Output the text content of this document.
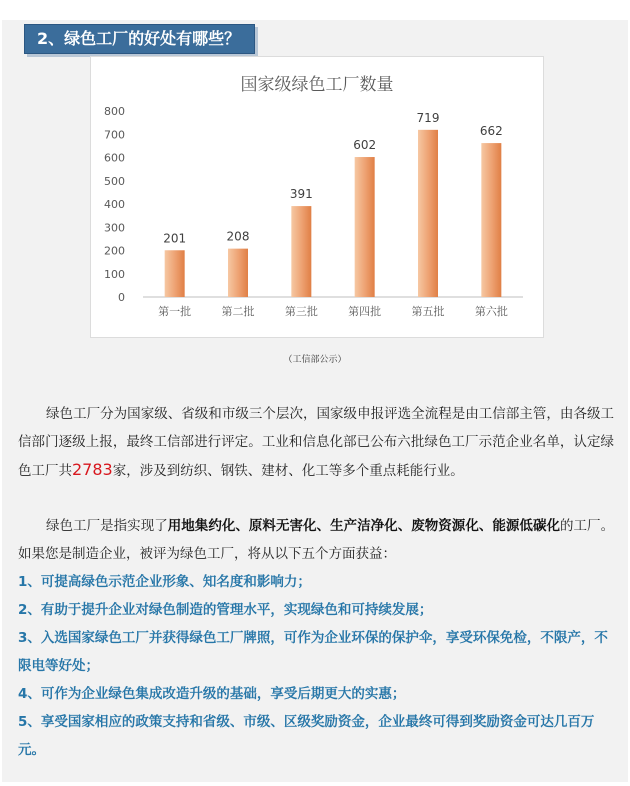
2、绿色工厂的好处有哪些？
国家级绿色工厂数量
0
100
200
300
400
500
600
700
800
201
第一批
208
第二批
391
第三批
602
第四批
719
第五批
662
第六批
（工信部公示）
绿色工厂分为国家级、省级和市级三个层次，国家级申报评选全流程是由工信部主管，由各级工信部门逐级上报，最终工信部进行评定。工业和信息化部已公布六批绿色工厂示范企业名单，认定绿色工厂共2783家，涉及到纺织、钢铁、建材、化工等多个重点耗能行业。
绿色工厂是指实现了用地集约化、原料无害化、生产洁净化、废物资源化、能源低碳化的工厂。如果您是制造企业，被评为绿色工厂，将从以下五个方面获益：
1、可提高绿色示范企业形象、知名度和影响力；
2、有助于提升企业对绿色制造的管理水平，实现绿色和可持续发展；
3、入选国家绿色工厂并获得绿色工厂牌照，可作为企业环保的保护伞，享受环保免检，不限产，不限电等好处；
4、可作为企业绿色集成改造升级的基础，享受后期更大的实惠；
5、享受国家相应的政策支持和省级、市级、区级奖励资金，企业最终可得到奖励资金可达几百万元。
